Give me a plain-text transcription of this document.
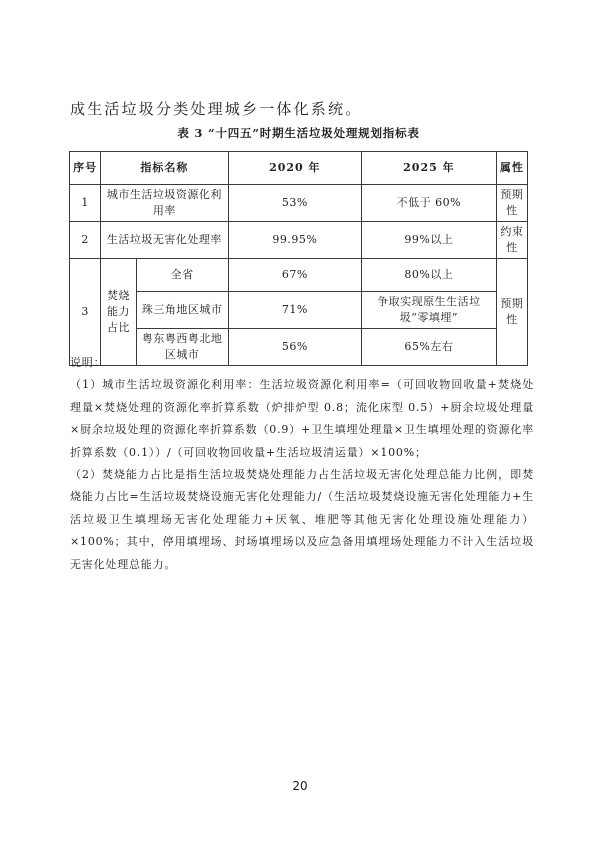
成生活垃圾分类处理城乡一体化系统。

表 3 “十四五”时期生活垃圾处理规划指标表
序号	指标名称		2020 年	2025 年	属性
1	城市生活垃圾资源化利用率		53%	不低于 60%	预期性
2	生活垃圾无害化处理率		99.95%	99%以上	约束性
3	焚烧能力占比	全省	67%	80%以上	预期性
		珠三角地区城市	71%	争取实现原生生活垃圾“零填埋”	
		粤东粤西粤北地区城市	56%	65%左右	

说明：

（1）城市生活垃圾资源化利用率：生活垃圾资源化利用率=（可回收物回收量+焚烧处理量×焚烧处理的资源化率折算系数（炉排炉型 0.8；流化床型 0.5）+厨余垃圾处理量×厨余垃圾处理的资源化率折算系数（0.9）+卫生填埋处理量×卫生填埋处理的资源化率折算系数（0.1））/（可回收物回收量+生活垃圾清运量）×100%；

（2）焚烧能力占比是指生活垃圾焚烧处理能力占生活垃圾无害化处理总能力比例，即焚烧能力占比=生活垃圾焚烧设施无害化处理能力/（生活垃圾焚烧设施无害化处理能力+生活垃圾卫生填埋场无害化处理能力+厌氧、堆肥等其他无害化处理设施处理能力）×100%；其中，停用填埋场、封场填埋场以及应急备用填埋场处理能力不计入生活垃圾无害化处理总能力。

20
